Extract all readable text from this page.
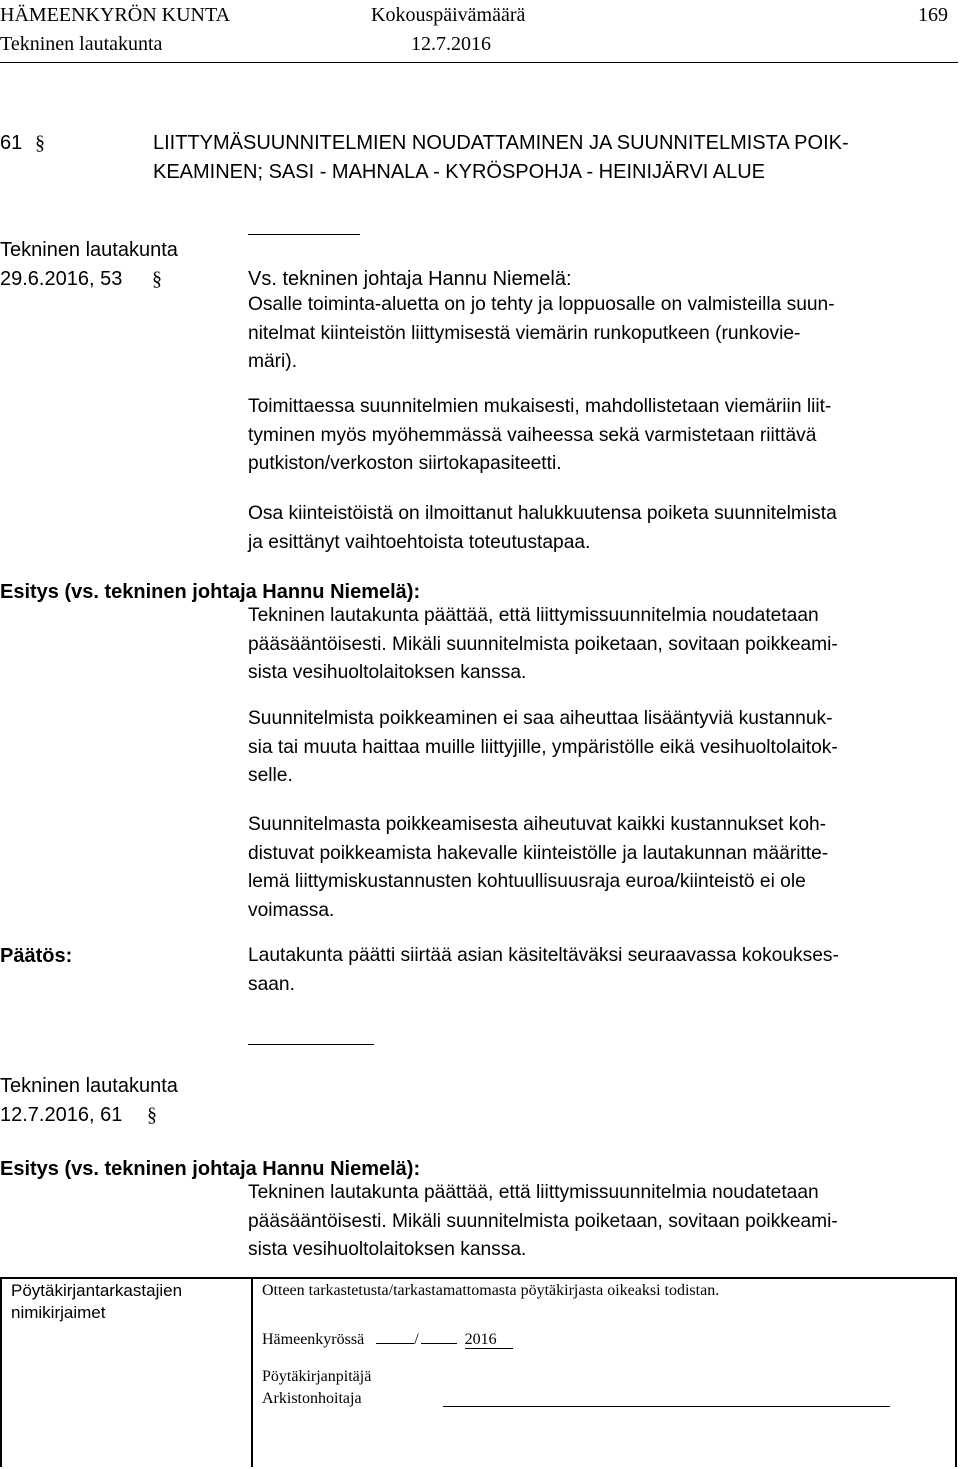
HÄMEENKYRÖN KUNTA	Kokouspäivämäärä	169
Tekninen lautakunta	12.7.2016
61 §	LIITTYMÄSUUNNITELMIEN NOUDATTAMINEN JA SUUNNITELMISTA POIK-
KEAMINEN; SASI - MAHNALA - KYRÖSPOHJA - HEINIJÄRVI ALUE
Tekninen lautakunta
29.6.2016, 53 §	Vs. tekninen johtaja Hannu Niemelä:
Osalle toiminta-aluetta on jo tehty ja loppuosalle on valmisteilla suun-
nitelmat kiinteistön liittymisestä viemärin runkoputkeen (runkovie-
märi).
Toimittaessa suunnitelmien mukaisesti, mahdollistetaan viemäriin liit-
tyminen myös myöhemmässä vaiheessa sekä varmistetaan riittävä
putkiston/verkoston siirtokapasiteetti.
Osa kiinteistöistä on ilmoittanut halukkuutensa poiketa suunnitelmista
ja esittänyt vaihtoehtoista toteutustapaa.
Esitys (vs. tekninen johtaja Hannu Niemelä):
Tekninen lautakunta päättää, että liittymissuunnitelmia noudatetaan
pääsääntöisesti. Mikäli suunnitelmista poiketaan, sovitaan poikkeami-
sista vesihuoltolaitoksen kanssa.
Suunnitelmista poikkeaminen ei saa aiheuttaa lisääntyviä kustannuk-
sia tai muuta haittaa muille liittyjille, ympäristölle eikä vesihuoltolaitok-
selle.
Suunnitelmasta poikkeamisesta aiheutuvat kaikki kustannukset koh-
distuvat poikkeamista hakevalle kiinteistölle ja lautakunnan määritte-
lemä liittymiskustannusten kohtuullisuusraja euroa/kiinteistö ei ole
voimassa.
Päätös:	Lautakunta päätti siirtää asian käsiteltäväksi seuraavassa kokoukses-
saan.
Tekninen lautakunta
12.7.2016, 61 §
Esitys (vs. tekninen johtaja Hannu Niemelä):
Tekninen lautakunta päättää, että liittymissuunnitelmia noudatetaan
pääsääntöisesti. Mikäli suunnitelmista poiketaan, sovitaan poikkeami-
sista vesihuoltolaitoksen kanssa.
Pöytäkirjantarkastajien
nimikirjaimet
Otteen tarkastetusta/tarkastamattomasta pöytäkirjasta oikeaksi todistan.
Hämeenkyrössä	/	2016
Pöytäkirjanpitäjä
Arkistonhoitaja
